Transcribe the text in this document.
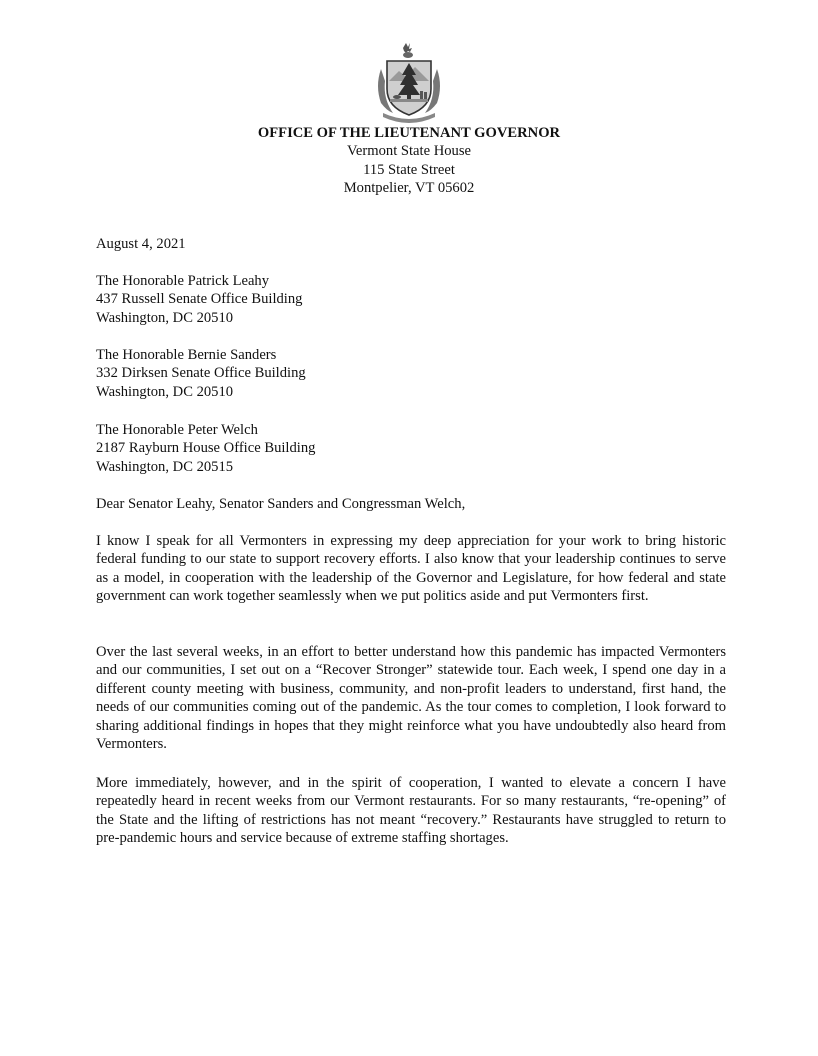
OFFICE OF THE LIEUTENANT GOVERNOR
Vermont State House
115 State Street
Montpelier, VT 05602
August 4, 2021
The Honorable Patrick Leahy
437 Russell Senate Office Building
Washington, DC 20510
The Honorable Bernie Sanders
332 Dirksen Senate Office Building
Washington, DC 20510
The Honorable Peter Welch
2187 Rayburn House Office Building
Washington, DC 20515
Dear Senator Leahy, Senator Sanders and Congressman Welch,

I know I speak for all Vermonters in expressing my deep appreciation for your work to bring historic federal funding to our state to support recovery efforts. I also know that your leadership continues to serve as a model, in cooperation with the leadership of the Governor and Legislature, for how federal and state government can work together seamlessly when we put politics aside and put Vermonters first.

Over the last several weeks, in an effort to better understand how this pandemic has impacted Vermonters and our communities, I set out on a “Recover Stronger” statewide tour. Each week, I spend one day in a different county meeting with business, community, and non-profit leaders to understand, first hand, the needs of our communities coming out of the pandemic. As the tour comes to completion, I look forward to sharing additional findings in hopes that they might reinforce what you have undoubtedly also heard from Vermonters.

More immediately, however, and in the spirit of cooperation, I wanted to elevate a concern I have repeatedly heard in recent weeks from our Vermont restaurants. For so many restaurants, “re-opening” of the State and the lifting of restrictions has not meant “recovery.” Restaurants have struggled to return to pre-pandemic hours and service because of extreme staffing shortages.
